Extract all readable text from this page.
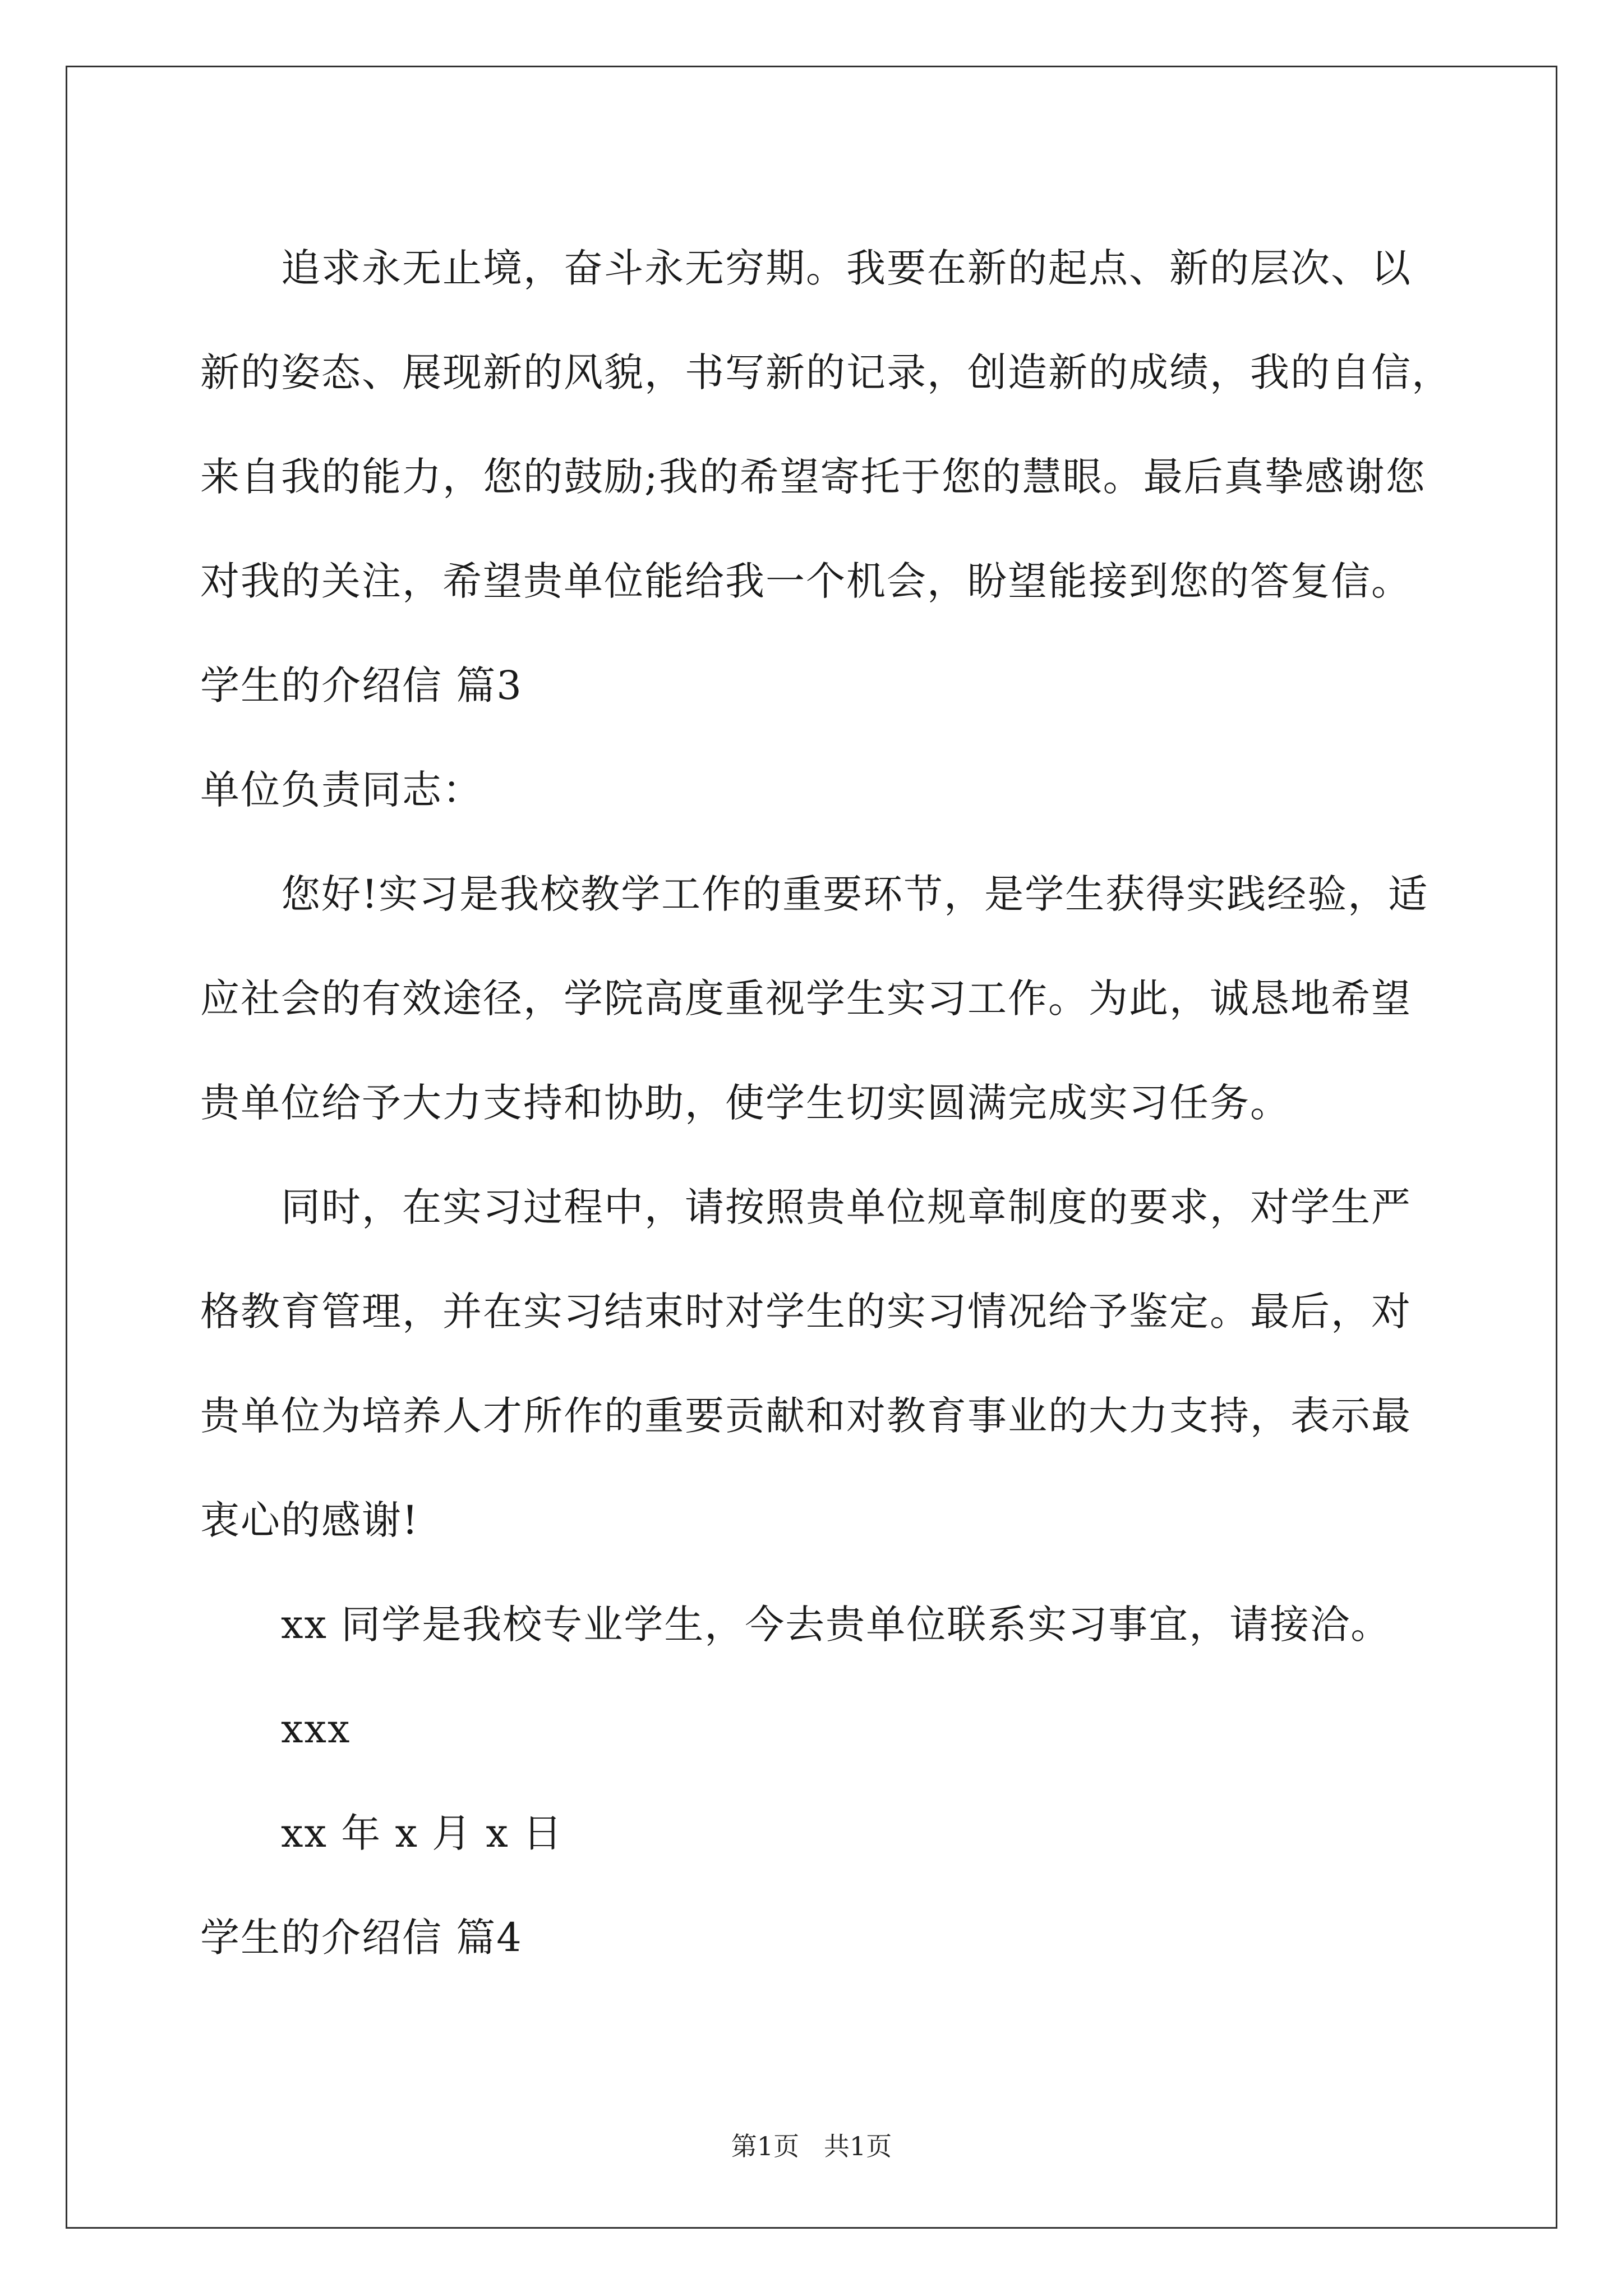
追求永无止境，奋斗永无穷期。我要在新的起点、新的层次、以
新的姿态、展现新的风貌，书写新的记录，创造新的成绩，我的自信，
来自我的能力，您的鼓励;我的希望寄托于您的慧眼。最后真挚感谢您
对我的关注，希望贵单位能给我一个机会，盼望能接到您的答复信。
学生的介绍信 篇3
单位负责同志：
您好!实习是我校教学工作的重要环节，是学生获得实践经验，适
应社会的有效途径，学院高度重视学生实习工作。为此，诚恳地希望
贵单位给予大力支持和协助，使学生切实圆满完成实习任务。
同时，在实习过程中，请按照贵单位规章制度的要求，对学生严
格教育管理，并在实习结束时对学生的实习情况给予鉴定。最后，对
贵单位为培养人才所作的重要贡献和对教育事业的大力支持，表示最
衷心的感谢!
xx 同学是我校专业学生，今去贵单位联系实习事宜，请接洽。
xxx
xx 年 x 月 x 日
学生的介绍信 篇4
第1页   共1页
